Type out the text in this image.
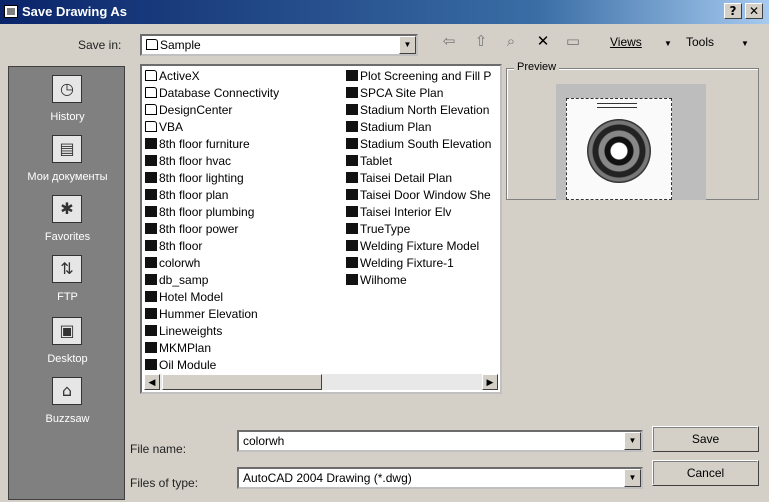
Save Drawing As	?	✕
Save in:	Sample	▼	⇦	⇧	⌕	✕	▭	Views	▼ Tools	▼
◷
History
▤
Мои документы
✱
Favorites
⇅
FTP
▣
Desktop
⌂
Buzzsaw
ActiveX
Database Connectivity
DesignCenter
VBA
8th floor furniture
8th floor hvac
8th floor lighting
8th floor plan
8th floor plumbing
8th floor power
8th floor
colorwh
db_samp
Hotel Model
Hummer Elevation
Lineweights
MKMPlan
Oil Module
Plot Screening and Fill P
SPCA Site Plan
Stadium North Elevation
Stadium Plan
Stadium South Elevation
Tablet
Taisei Detail Plan
Taisei Door Window She
Taisei Interior Elv
TrueType
Welding Fixture Model
Welding Fixture-1
Wilhome
◀	▶
Preview
File name:
colorwh	▼
Files of type:	AutoCAD 2004 Drawing (*.dwg)	▼
Save
Cancel
